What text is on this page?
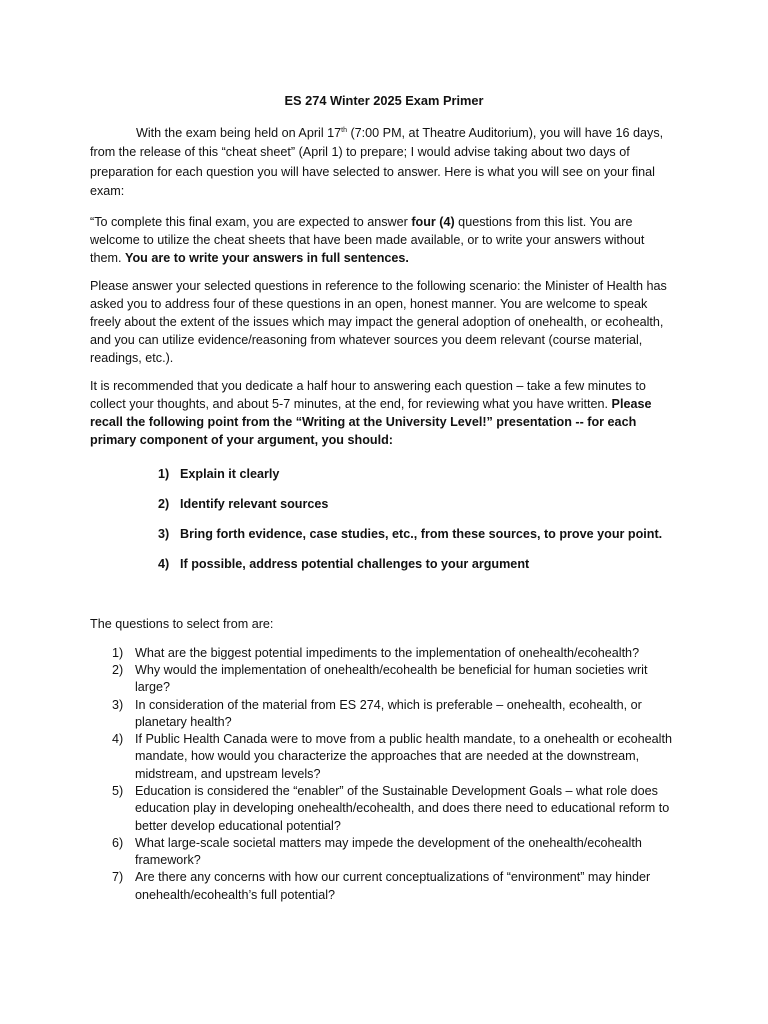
ES 274 Winter 2025 Exam Primer

With the exam being held on April 17th (7:00 PM, at Theatre Auditorium), you will have 16 days, from the release of this “cheat sheet” (April 1) to prepare; I would advise taking about two days of preparation for each question you will have selected to answer. Here is what you will see on your final exam:

“To complete this final exam, you are expected to answer four (4) questions from this list. You are welcome to utilize the cheat sheets that have been made available, or to write your answers without them. You are to write your answers in full sentences.

Please answer your selected questions in reference to the following scenario: the Minister of Health has asked you to address four of these questions in an open, honest manner. You are welcome to speak freely about the extent of the issues which may impact the general adoption of onehealth, or ecohealth, and you can utilize evidence/reasoning from whatever sources you deem relevant (course material, readings, etc.).

It is recommended that you dedicate a half hour to answering each question – take a few minutes to collect your thoughts, and about 5-7 minutes, at the end, for reviewing what you have written. Please recall the following point from the “Writing at the University Level!” presentation -- for each primary component of your argument, you should:

1) Explain it clearly
2) Identify relevant sources
3) Bring forth evidence, case studies, etc., from these sources, to prove your point.
4) If possible, address potential challenges to your argument

The questions to select from are:

1) What are the biggest potential impediments to the implementation of onehealth/ecohealth?
2) Why would the implementation of onehealth/ecohealth be beneficial for human societies writ large?
3) In consideration of the material from ES 274, which is preferable – onehealth, ecohealth, or planetary health?
4) If Public Health Canada were to move from a public health mandate, to a onehealth or ecohealth mandate, how would you characterize the approaches that are needed at the downstream, midstream, and upstream levels?
5) Education is considered the “enabler” of the Sustainable Development Goals – what role does education play in developing onehealth/ecohealth, and does there need to educational reform to better develop educational potential?
6) What large-scale societal matters may impede the development of the onehealth/ecohealth framework?
7) Are there any concerns with how our current conceptualizations of “environment” may hinder onehealth/ecohealth’s full potential?
